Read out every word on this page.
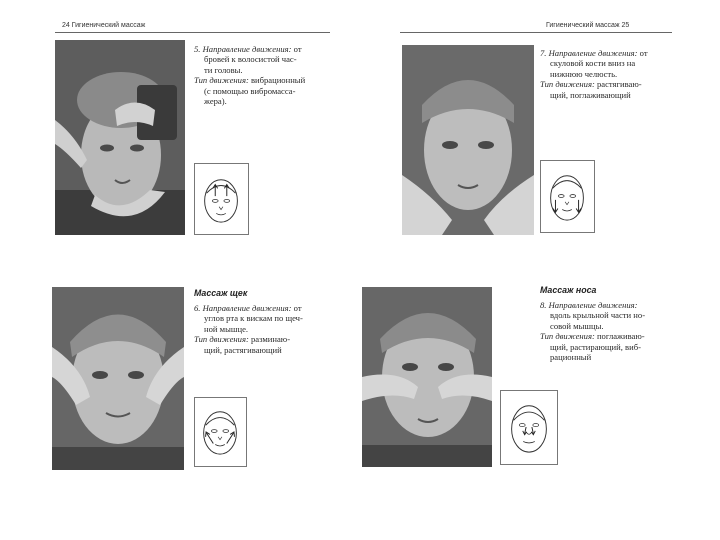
24 Гигиенический массаж	Гигиенический массаж 25
5. Направление движения: от
бровей к волосистой час-
ти головы.
Тип движения: вибрационный
(с помощью вибромасса-
жера).
7. Направление движения: от
скуловой кости вниз на
нижнюю челюсть.
Тип движения: растягиваю-
щий, поглаживающий
Массаж щек
6. Направление движения: от
углов рта к вискам по щеч-
ной мышце.
Тип движения: разминаю-
щий, растягивающий
Массаж носа
8. Направление движения:
вдоль крыльной части но-
совой мышцы.
Тип движения: поглаживаю-
щий, растирающий, виб-
рационный
